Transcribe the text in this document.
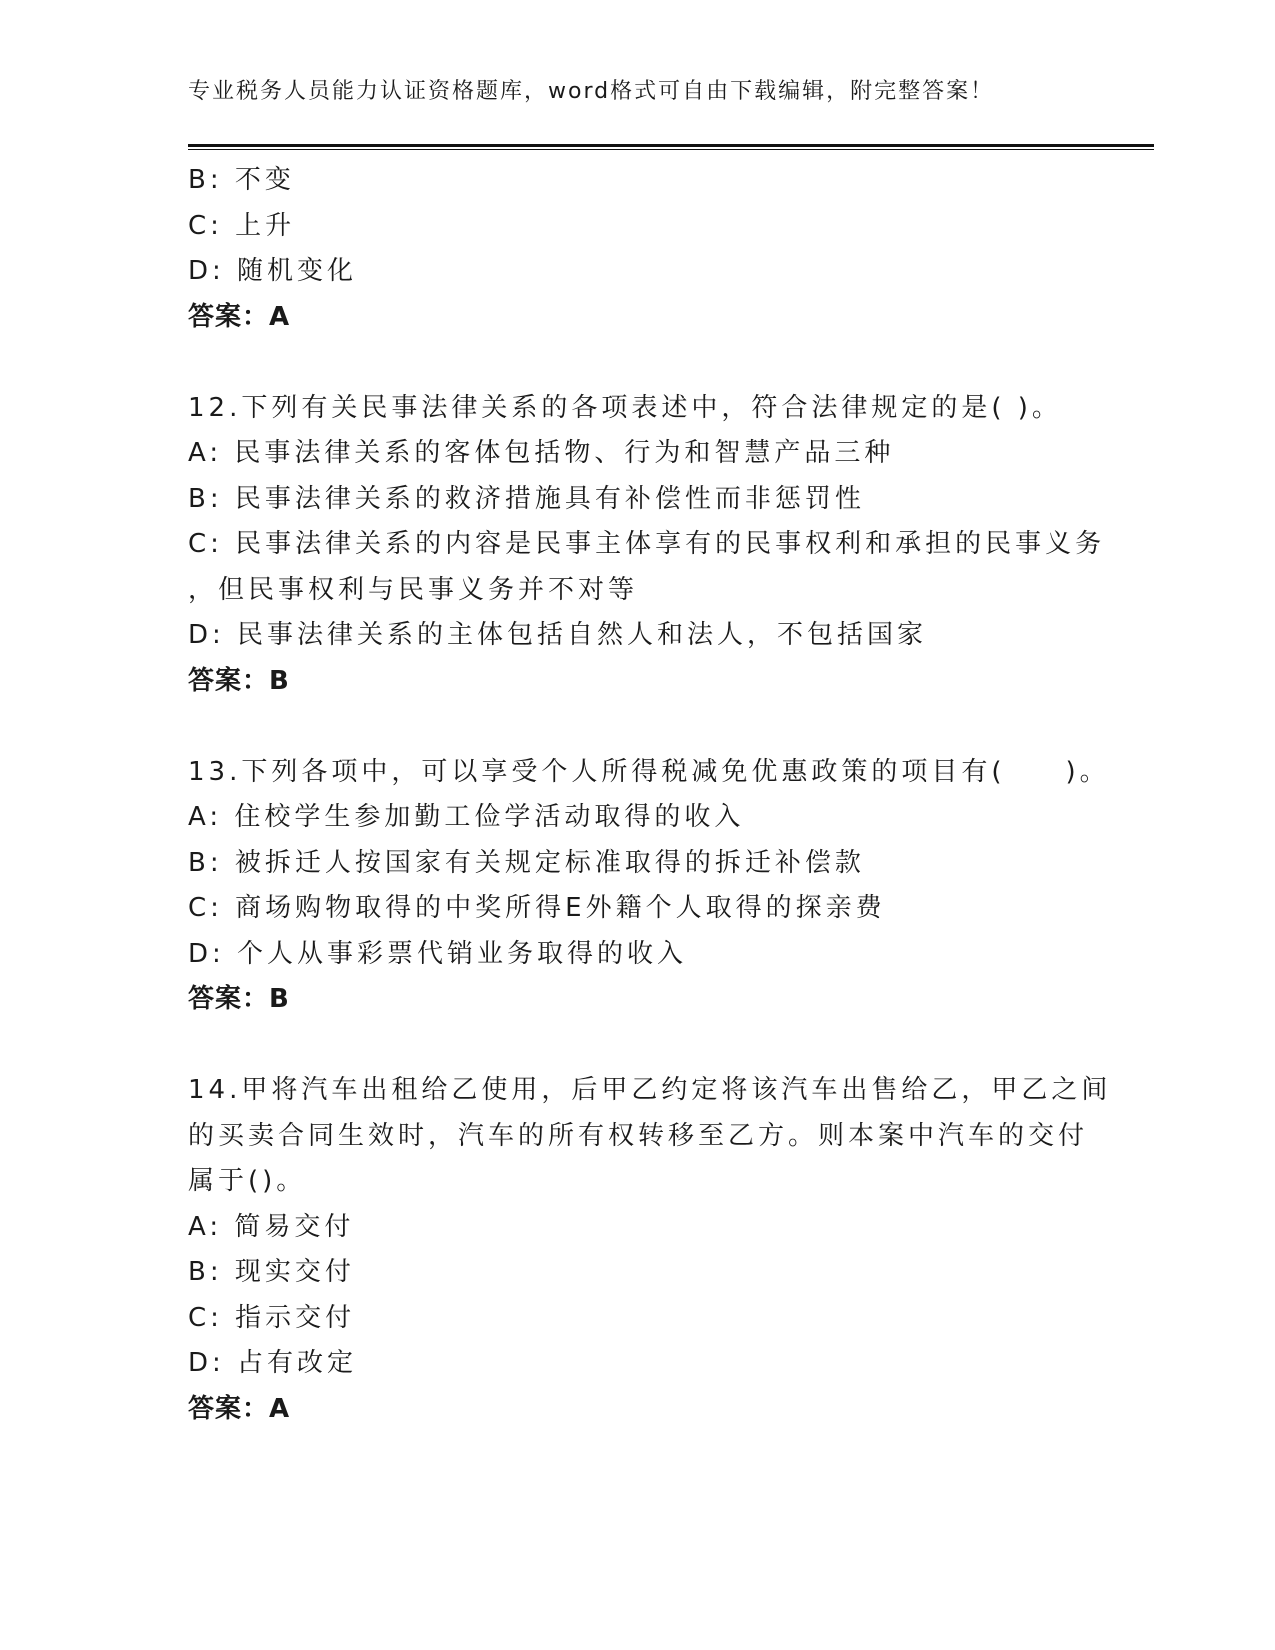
专业税务人员能力认证资格题库，word格式可自由下载编辑，附完整答案！
B: 不变
C: 上升
D: 随机变化
答案：A
12.下列有关民事法律关系的各项表述中，符合法律规定的是( )。
A: 民事法律关系的客体包括物、行为和智慧产品三种
B: 民事法律关系的救济措施具有补偿性而非惩罚性
C: 民事法律关系的内容是民事主体享有的民事权利和承担的民事义务
，但民事权利与民事义务并不对等
D: 民事法律关系的主体包括自然人和法人，不包括国家
答案：B
13.下列各项中，可以享受个人所得税减免优惠政策的项目有(　　)。
A: 住校学生参加勤工俭学活动取得的收入
B: 被拆迁人按国家有关规定标准取得的拆迁补偿款
C: 商场购物取得的中奖所得E外籍个人取得的探亲费
D: 个人从事彩票代销业务取得的收入
答案：B
14.甲将汽车出租给乙使用，后甲乙约定将该汽车出售给乙，甲乙之间
的买卖合同生效时，汽车的所有权转移至乙方。则本案中汽车的交付
属于()。
A: 简易交付
B: 现实交付
C: 指示交付
D: 占有改定
答案：A
